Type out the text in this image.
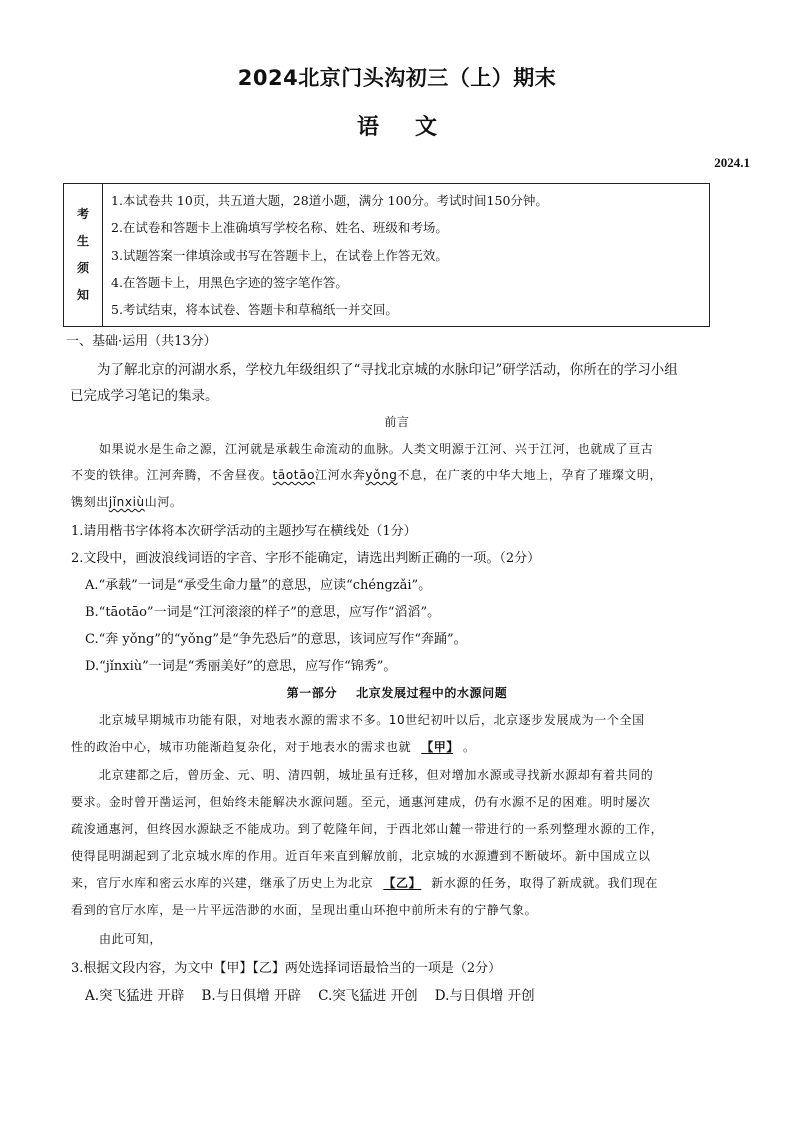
2024北京门头沟初三（上）期末
语文
2024.1
考
生
须
知
1.本试卷共 10页，共五道大题，28道小题，满分 100分。考试时间150分钟。
2.在试卷和答题卡上准确填写学校名称、姓名、班级和考场。
3.试题答案一律填涂或书写在答题卡上，在试卷上作答无效。
4.在答题卡上，用黑色字迹的签字笔作答。
5.考试结束，将本试卷、答题卡和草稿纸一并交回。
一、基础·运用（共13分）
为了解北京的河湖水系，学校九年级组织了“寻找北京城的水脉印记”研学活动，你所在的学习小组
已完成学习笔记的集录。
前言
如果说水是生命之源，江河就是承载生命流动的血脉。人类文明源于江河、兴于江河，也就成了亘古
不变的铁律。江河奔腾，不舍昼夜。tāotāo江河水奔yǒng不息，在广袤的中华大地上，孕育了璀璨文明，
镌刻出jǐnxiù山河。
1.请用楷书字体将本次研学活动的主题抄写在横线处（1分）
2.文段中，画波浪线词语的字音、字形不能确定，请选出判断正确的一项。（2分）
A.“承载”一词是“承受生命力量”的意思，应读“chéngzǎi”。
B.“tāotāo”一词是“江河滚滚的样子”的意思，应写作“滔滔”。
C.“奔 yǒng”的“yǒng”是“争先恐后”的意思，该词应写作“奔踊”。
D.“jǐnxiù”一词是“秀丽美好”的意思，应写作“锦秀”。
第一部分    北京发展过程中的水源问题
北京城早期城市功能有限，对地表水源的需求不多。10世纪初叶以后，北京逐步发展成为一个全国
性的政治中心，城市功能渐趋复杂化，对于地表水的需求也就 【甲】 。
北京建都之后，曾历金、元、明、清四朝，城址虽有迁移，但对增加水源或寻找新水源却有着共同的
要求。金时曾开凿运河，但始终未能解决水源问题。至元，通惠河建成，仍有水源不足的困难。明时屡次
疏浚通惠河，但终因水源缺乏不能成功。到了乾隆年间，于西北郊山麓一带进行的一系列整理水源的工作，
使得昆明湖起到了北京城水库的作用。近百年来直到解放前，北京城的水源遭到不断破坏。新中国成立以
来，官厅水库和密云水库的兴建，继承了历史上为北京 【乙】 新水源的任务，取得了新成就。我们现在
看到的官厅水库，是一片平远浩渺的水面，呈现出重山环抱中前所未有的宁静气象。
由此可知，
3.根据文段内容，为文中【甲】【乙】两处选择词语最恰当的一项是（2分）
A.突飞猛进 开辟    B.与日俱增 开辟    C.突飞猛进 开创    D.与日俱增 开创
